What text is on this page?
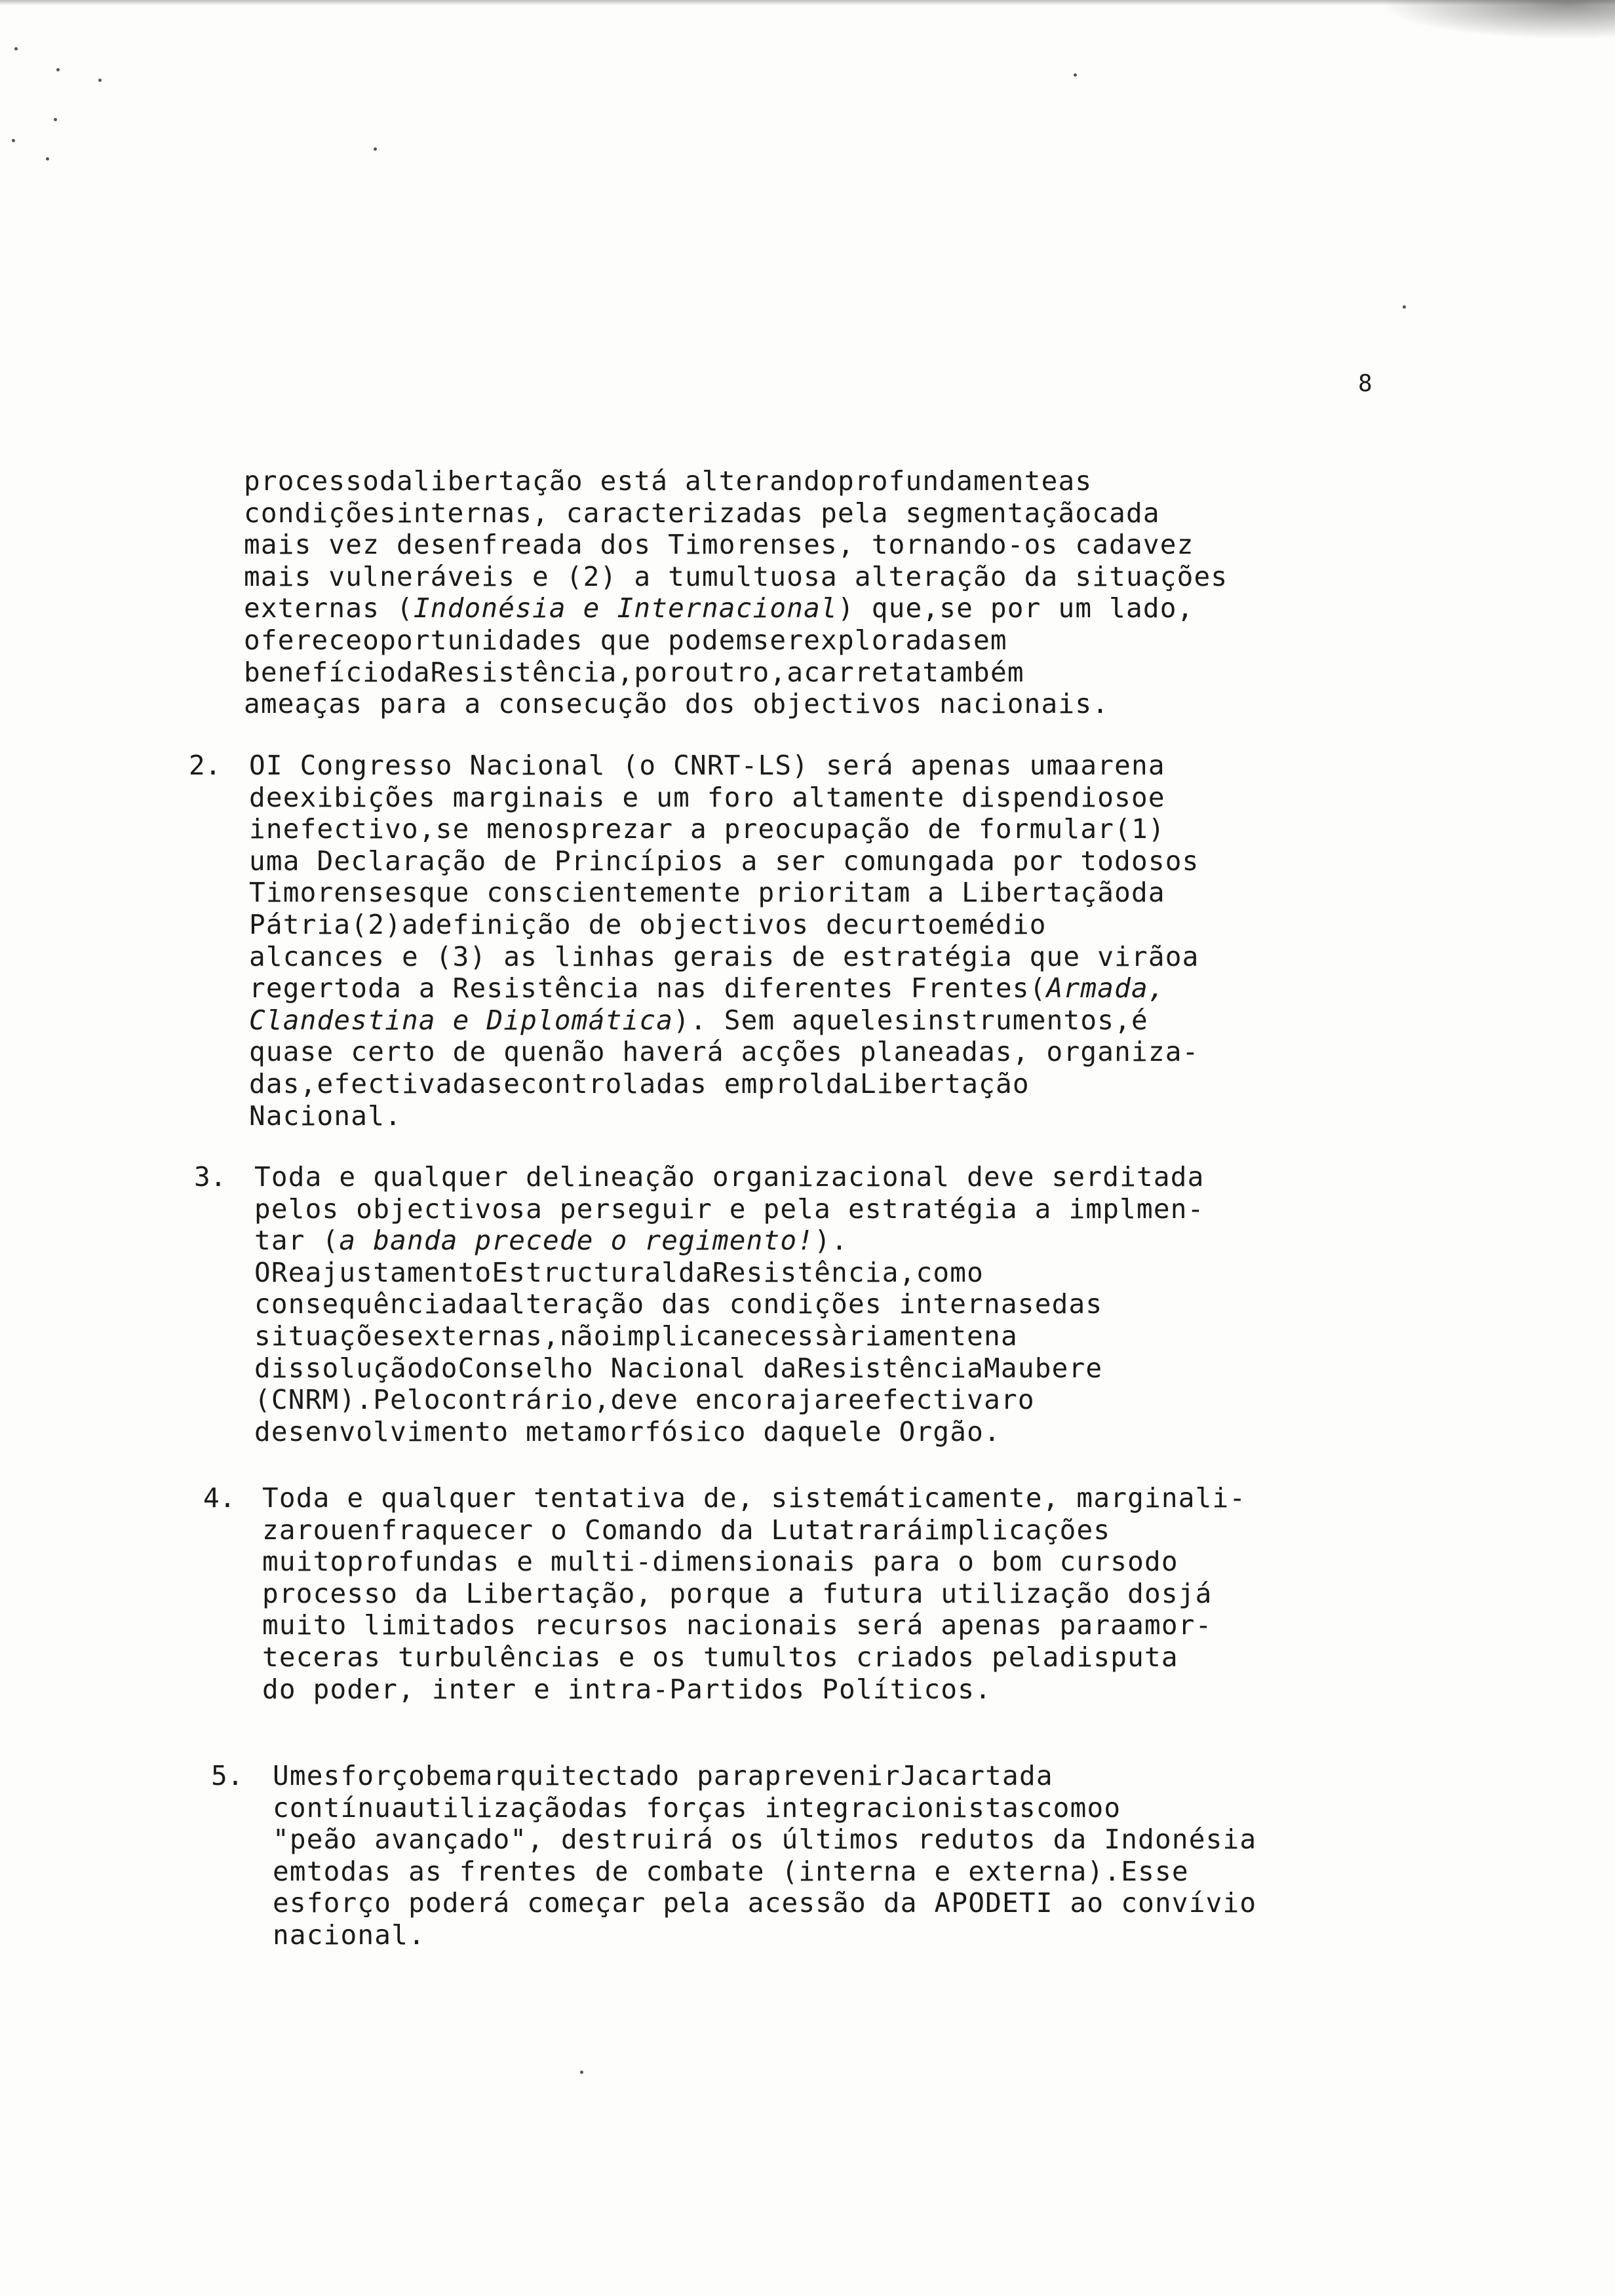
8
processodalibertação está alterandoprofundamenteas
condiçõesinternas, caracterizadas pela segmentaçãocada
mais vez desenfreada dos Timorenses, tornando-os cadavez
mais vulneráveis e (2) a tumultuosa alteração da situações
externas (Indonésia e Internacional) que,se por um lado,
ofereceoportunidades que podemserexploradasem
benefíciodaResistência,poroutro,acarretatambém
ameaças para a consecução dos objectivos nacionais.
2. OI Congresso Nacional (o CNRT-LS) será apenas umaarena
deexibições marginais e um foro altamente dispendiosoe
inefectivo,se menosprezar a preocupação de formular(1)
uma Declaração de Princípios a ser comungada por todosos
Timorensesque conscientemente prioritam a Libertaçãoda
Pátria(2)adefinição de objectivos decurtoemédio
alcances e (3) as linhas gerais de estratégia que virãoa
regertoda a Resistência nas diferentes Frentes(Armada,
Clandestina e Diplomática). Sem aquelesinstrumentos,é
quase certo de quenão haverá acções planeadas, organiza-
das,efectivadasecontroladas emproldaLibertação
Nacional.
3. Toda e qualquer delineação organizacional deve serditada
pelos objectivosa perseguir e pela estratégia a implmen-
tar (a banda precede o regimento!).
OReajustamentoEstructuraldaResistência,como
consequênciadaalteração das condições internasedas
situaçõesexternas,nãoimplicanecessàriamentena
dissoluçãodoConselho Nacional daResistênciaMaubere
(CNRM).Pelocontrário,deve encorajareefectivaro
desenvolvimento metamorfósico daquele Orgão.
4. Toda e qualquer tentativa de, sistemáticamente, marginali-
zarouenfraquecer o Comando da Lutatraráimplicações
muitoprofundas e multi-dimensionais para o bom cursodo
processo da Libertação, porque a futura utilização dosjá
muito limitados recursos nacionais será apenas paraamor-
teceras turbulências e os tumultos criados peladisputa
do poder, inter e intra-Partidos Políticos.
5. Umesforçobemarquitectado paraprevenirJacartada
contínuautilizaçãodas forças integracionistascomoo
"peão avançado", destruirá os últimos redutos da Indonésia
emtodas as frentes de combate (interna e externa).Esse
esforço poderá começar pela acessão da APODETI ao convívio
nacional.
